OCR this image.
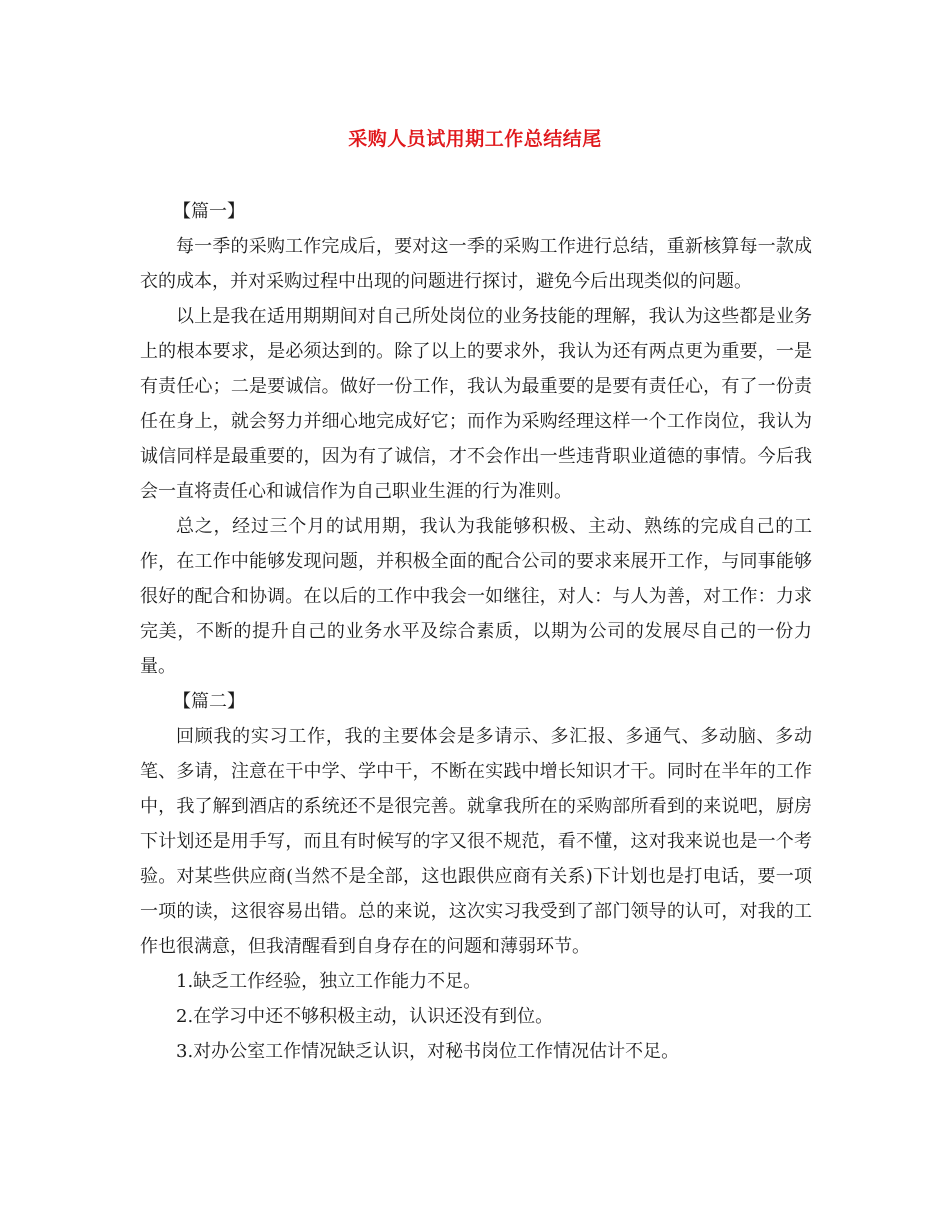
采购人员试用期工作总结结尾

【篇一】

每一季的采购工作完成后，要对这一季的采购工作进行总结，重新核算每一款成衣的成本，并对采购过程中出现的问题进行探讨，避免今后出现类似的问题。

以上是我在适用期期间对自己所处岗位的业务技能的理解，我认为这些都是业务上的根本要求，是必须达到的。除了以上的要求外，我认为还有两点更为重要，一是有责任心；二是要诚信。做好一份工作，我认为最重要的是要有责任心，有了一份责任在身上，就会努力并细心地完成好它；而作为采购经理这样一个工作岗位，我认为诚信同样是最重要的，因为有了诚信，才不会作出一些违背职业道德的事情。今后我会一直将责任心和诚信作为自己职业生涯的行为准则。

总之，经过三个月的试用期，我认为我能够积极、主动、熟练的完成自己的工作，在工作中能够发现问题，并积极全面的配合公司的要求来展开工作，与同事能够很好的配合和协调。在以后的工作中我会一如继往，对人：与人为善，对工作：力求完美，不断的提升自己的业务水平及综合素质，以期为公司的发展尽自己的一份力量。

【篇二】

回顾我的实习工作，我的主要体会是多请示、多汇报、多通气、多动脑、多动笔、多请，注意在干中学、学中干，不断在实践中增长知识才干。同时在半年的工作中，我了解到酒店的系统还不是很完善。就拿我所在的采购部所看到的来说吧，厨房下计划还是用手写，而且有时候写的字又很不规范，看不懂，这对我来说也是一个考验。对某些供应商(当然不是全部，这也跟供应商有关系)下计划也是打电话，要一项一项的读，这很容易出错。总的来说，这次实习我受到了部门领导的认可，对我的工作也很满意，但我清醒看到自身存在的问题和薄弱环节。

1.缺乏工作经验，独立工作能力不足。

2.在学习中还不够积极主动，认识还没有到位。

3.对办公室工作情况缺乏认识，对秘书岗位工作情况估计不足。
